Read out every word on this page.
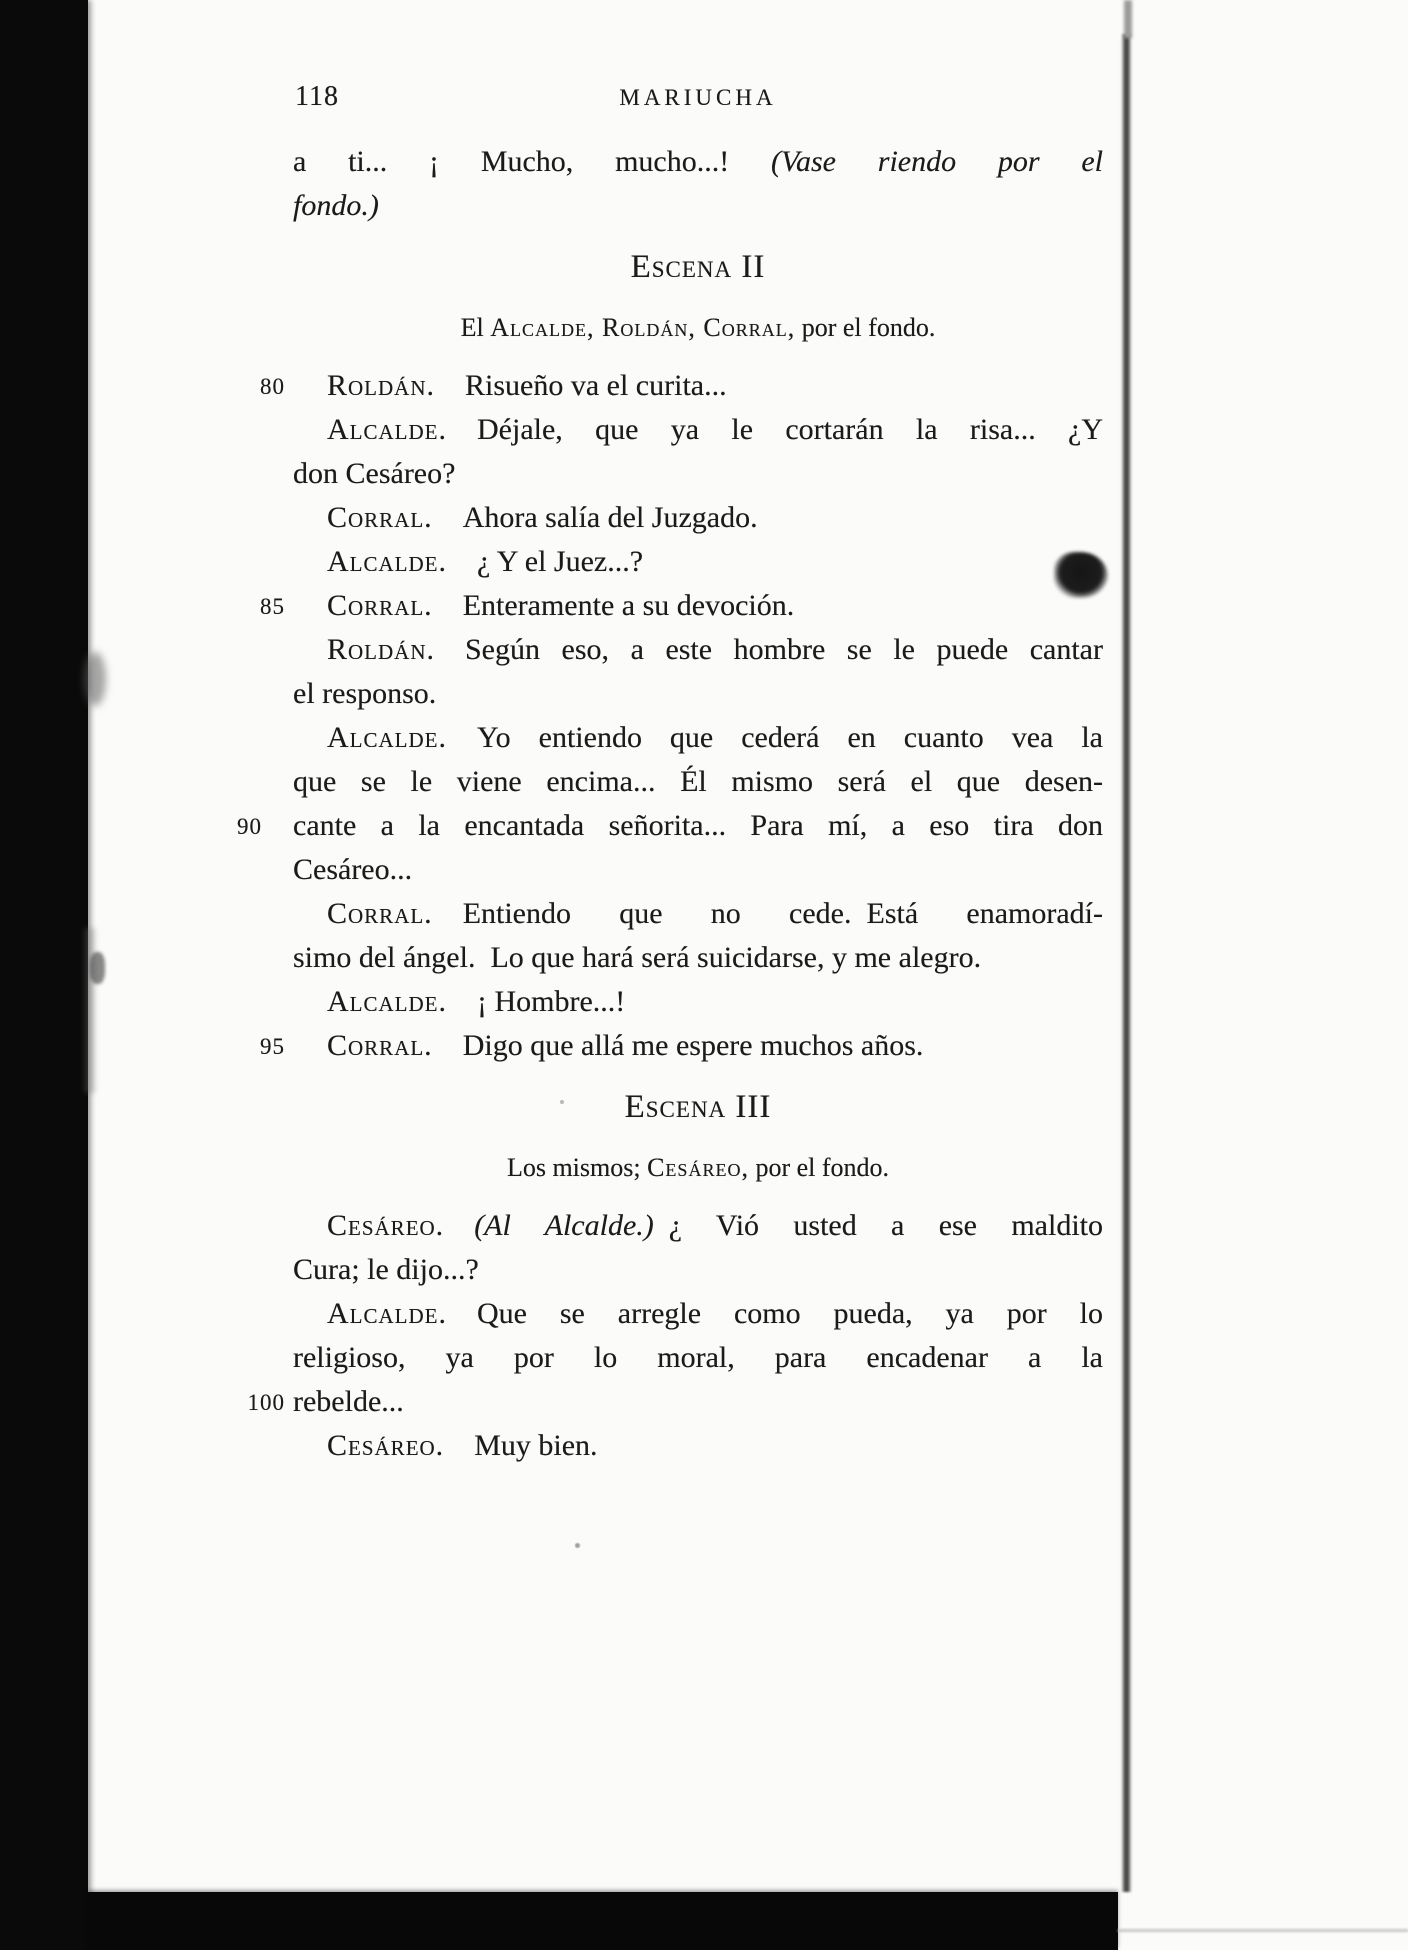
118	MARIUCHA
a ti... ¡ Mucho, mucho...! (Vase riendo por el
fondo.)
Escena II
El Alcalde, Roldán, Corral, por el fondo.
80 Roldán. Risueño va el curita...
Alcalde. Déjale, que ya le cortarán la risa... ¿Y
don Cesáreo?
Corral. Ahora salía del Juzgado.
Alcalde. ¿ Y el Juez...?
85 Corral. Enteramente a su devoción.
Roldán. Según eso, a este hombre se le puede cantar
el responso.
Alcalde. Yo entiendo que cederá en cuanto vea la
que se le viene encima... Él mismo será el que desen-
90	cante a la encantada señorita... Para mí, a eso tira don
Cesáreo...
Corral. Entiendo que no cede. Está enamoradí-
simo del ángel. Lo que hará será suicidarse, y me alegro.
Alcalde. ¡ Hombre...!
95 Corral. Digo que allá me espere muchos años.
Escena III
Los mismos; Cesáreo, por el fondo.
Cesáreo. (Al Alcalde.) ¿ Vió usted a ese maldito
Cura; le dijo...?
Alcalde. Que se arregle como pueda, ya por lo
religioso, ya por lo moral, para encadenar a la
100 rebelde...
Cesáreo. Muy bien.
